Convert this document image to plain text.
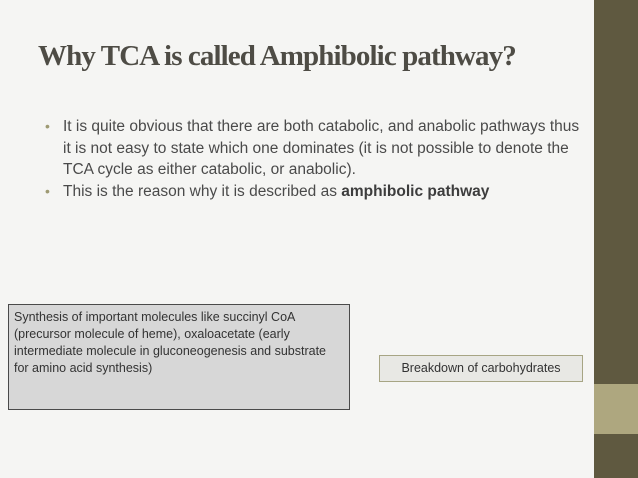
Why TCA is called Amphibolic pathway?
• It is quite obvious that there are both catabolic, and anabolic pathways thus it is not easy to state which one dominates (it is not possible to denote the TCA cycle as either catabolic, or anabolic).
• This is the reason why it is described as amphibolic pathway
Synthesis of important molecules like succinyl CoA (precursor molecule of heme), oxaloacetate (early intermediate molecule in gluconeogenesis and substrate for amino acid synthesis)	Breakdown of carbohydrates
